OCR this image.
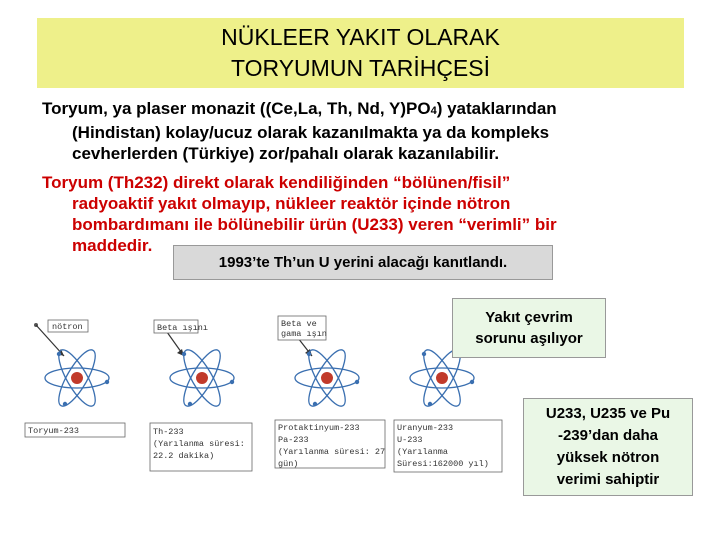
NÜKLEER YAKIT OLARAK
TORYUMUN TARİHÇESİ
Toryum, ya plaser monazit ((Ce,La, Th, Nd, Y)PO4) yataklarından
(Hindistan) kolay/ucuz olarak kazanılmakta ya da kompleks
cevherlerden (Türkiye) zor/pahalı olarak kazanılabilir.
Toryum (Th232) direkt olarak kendiliğinden “bölünen/fisil”
radyoaktif yakıt olmayıp, nükleer reaktör içinde nötron
bombardımanı ile bölünebilir ürün (U233) veren “verimli” bir
maddedir.
nötron	Beta ışını	Beta ve
gama ışın
Toryum-233	Th-233
(Yarılanma süresi:
22.2 dakika)
Protaktinyum-233
Pa-233
(Yarılanma süresi: 27
gün)
Uranyum-233
U-233
(Yarılanma
Süresi:162000 yıl)
1993’te Th’un U yerini alacağı kanıtlandı.
Yakıt çevrim
sorunu aşılıyor
U233, U235 ve Pu
-239’dan daha
yüksek nötron
verimi sahiptir
